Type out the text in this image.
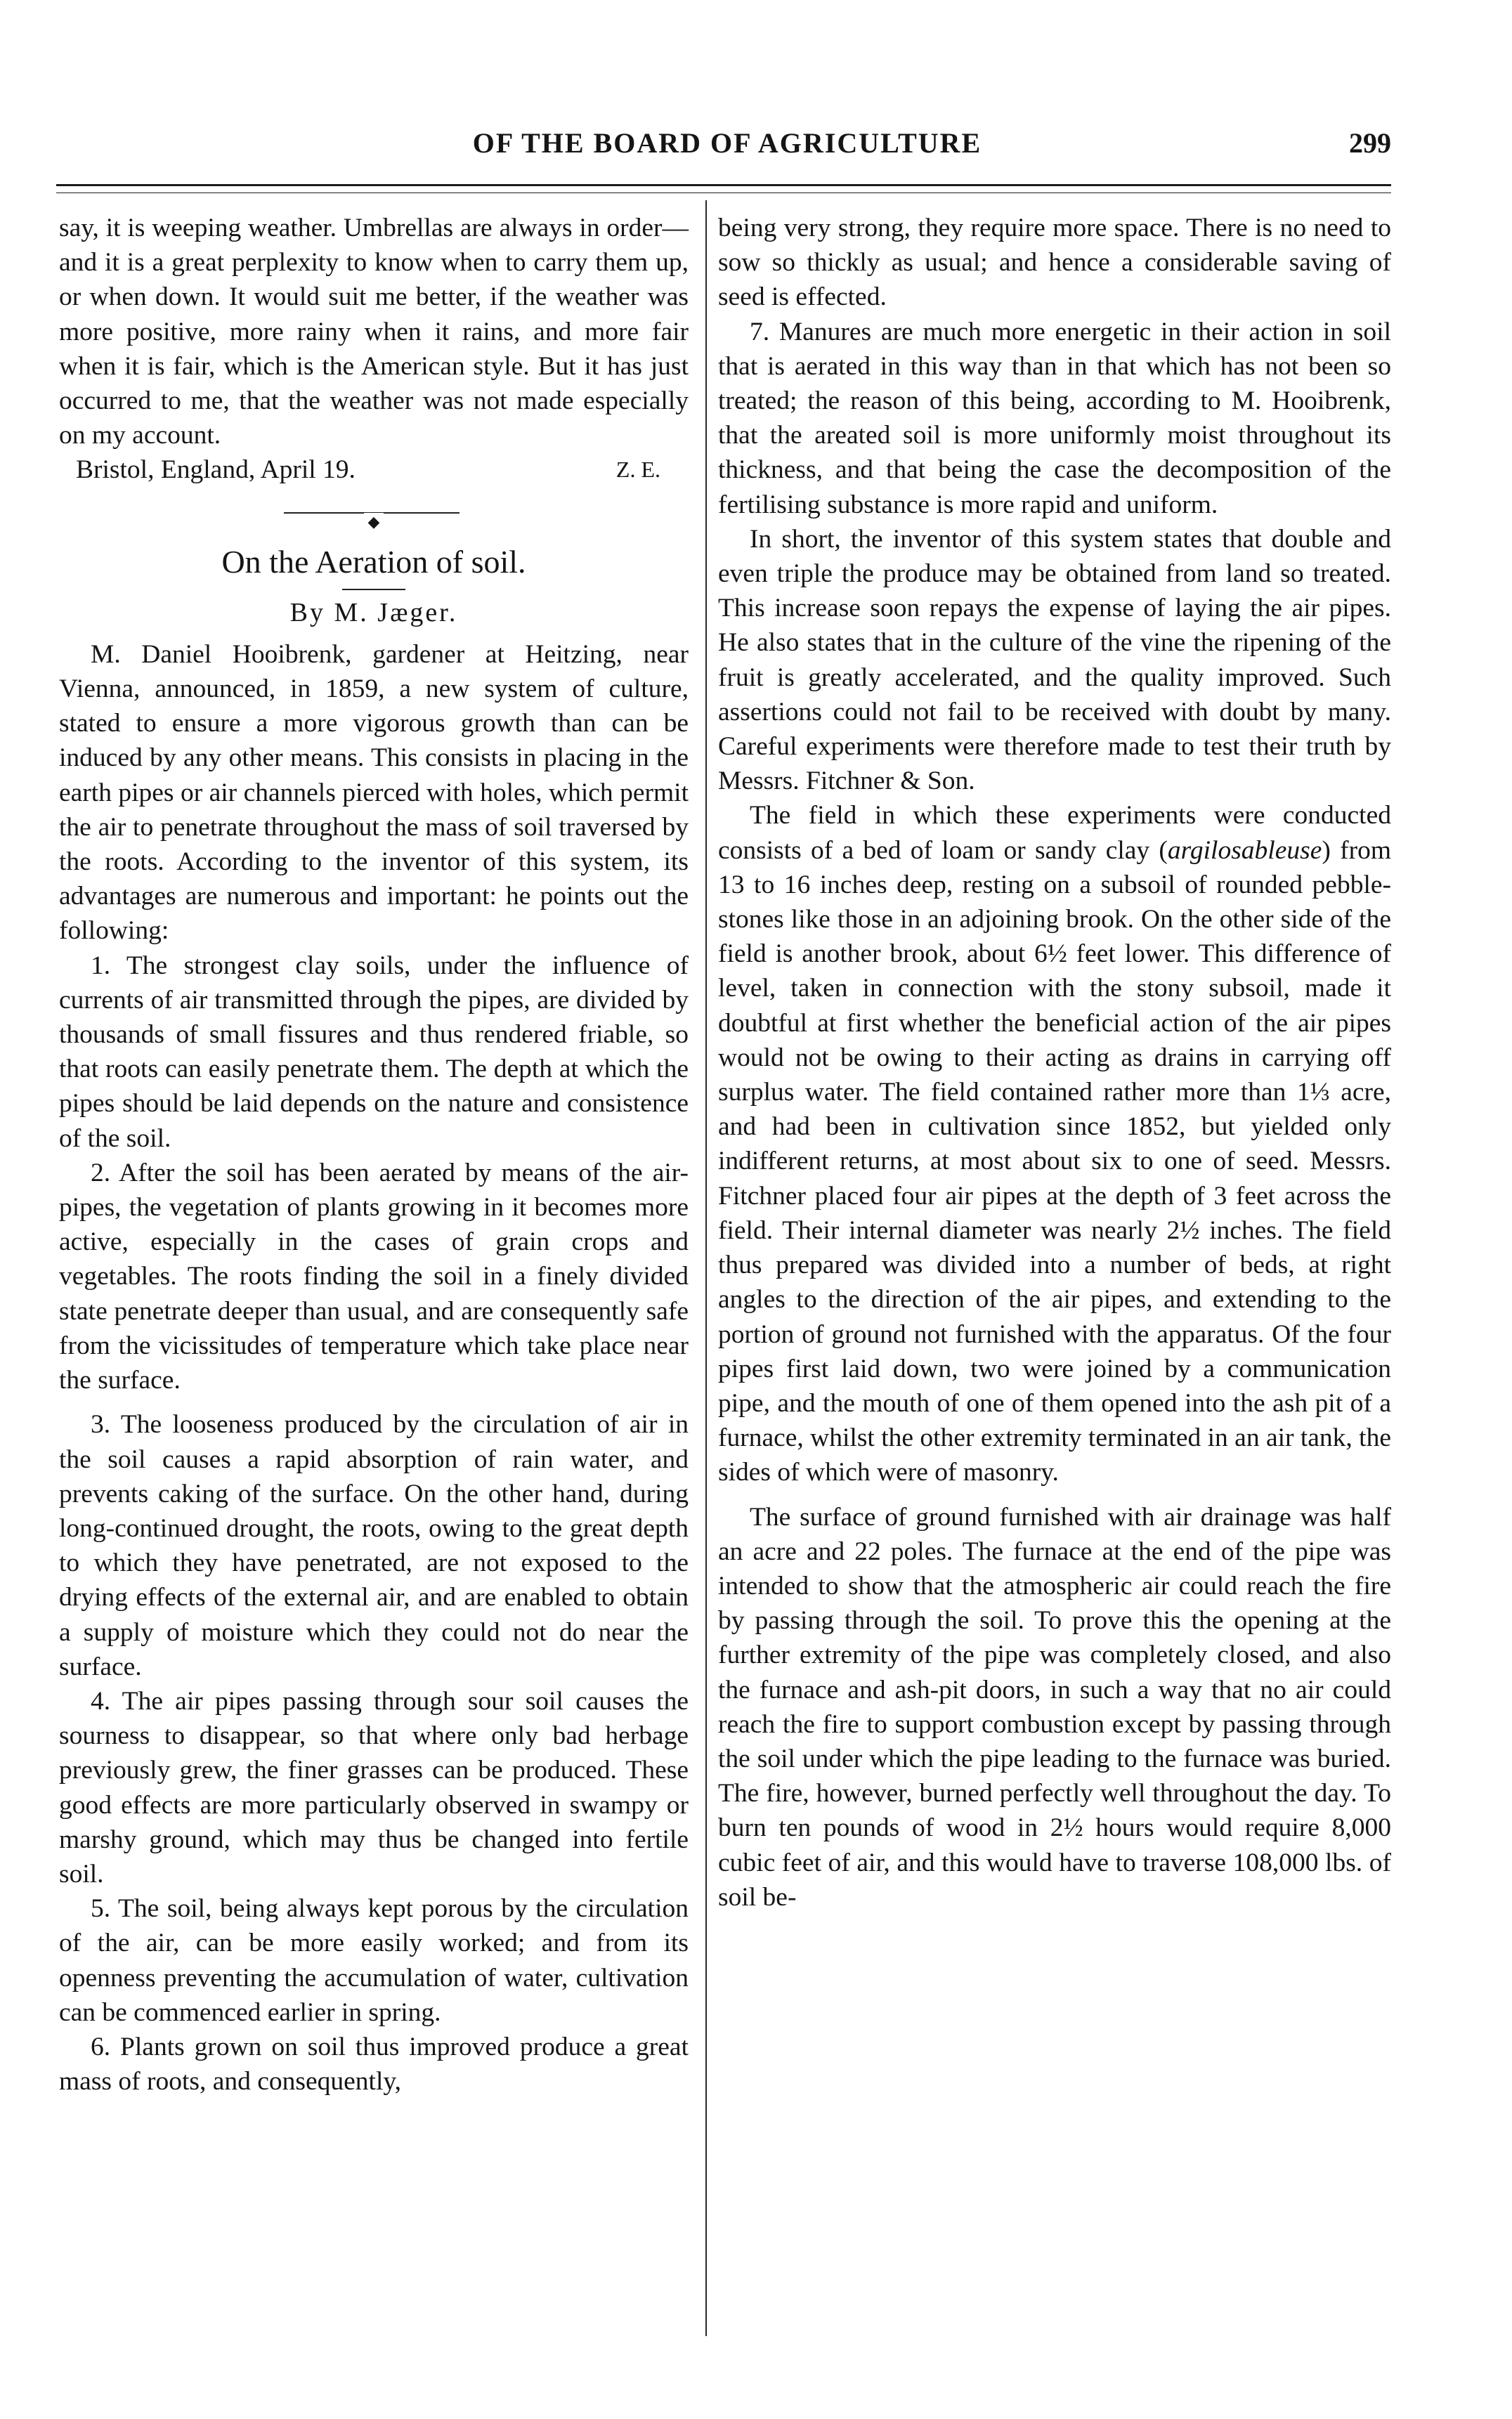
OF THE BOARD OF AGRICULTURE	299

say, it is weeping weather. Umbrellas are always in order—and it is a great perplexity to know when to carry them up, or when down. It would suit me better, if the weather was more positive, more rainy when it rains, and more fair when it is fair, which is the American style. But it has just occurred to me, that the weather was not made especially on my account.

Bristol, England, April 19.	Z. E.
◆
On the Aeration of soil.
By M. Jæger.

M. Daniel Hooibrenk, gardener at Heitzing, near Vienna, announced, in 1859, a new system of culture, stated to ensure a more vigorous growth than can be induced by any other means. This consists in placing in the earth pipes or air channels pierced with holes, which permit the air to penetrate throughout the mass of soil traversed by the roots. According to the inventor of this system, its advantages are numerous and important: he points out the following:

1. The strongest clay soils, under the influence of currents of air transmitted through the pipes, are divided by thousands of small fissures and thus rendered friable, so that roots can easily penetrate them. The depth at which the pipes should be laid depends on the nature and consistence of the soil.

2. After the soil has been aerated by means of the air-pipes, the vegetation of plants growing in it becomes more active, especially in the cases of grain crops and vegetables. The roots finding the soil in a finely divided state penetrate deeper than usual, and are consequently safe from the vicissitudes of temperature which take place near the surface.

3. The looseness produced by the circulation of air in the soil causes a rapid absorption of rain water, and prevents caking of the surface. On the other hand, during long-continued drought, the roots, owing to the great depth to which they have penetrated, are not exposed to the drying effects of the external air, and are enabled to obtain a supply of moisture which they could not do near the surface.

4. The air pipes passing through sour soil causes the sourness to disappear, so that where only bad herbage previously grew, the finer grasses can be produced. These good effects are more particularly observed in swampy or marshy ground, which may thus be changed into fertile soil.

5. The soil, being always kept porous by the circulation of the air, can be more easily worked; and from its openness preventing the accumulation of water, cultivation can be commenced earlier in spring.

6. Plants grown on soil thus improved produce a great mass of roots, and consequently,

being very strong, they require more space. There is no need to sow so thickly as usual; and hence a considerable saving of seed is effected.

7. Manures are much more energetic in their action in soil that is aerated in this way than in that which has not been so treated; the reason of this being, according to M. Hooibrenk, that the areated soil is more uniformly moist throughout its thickness, and that being the case the decomposition of the fertilising substance is more rapid and uniform.

In short, the inventor of this system states that double and even triple the produce may be obtained from land so treated. This increase soon repays the expense of laying the air pipes. He also states that in the culture of the vine the ripening of the fruit is greatly accelerated, and the quality improved. Such assertions could not fail to be received with doubt by many. Careful experiments were therefore made to test their truth by Messrs. Fitchner & Son.

The field in which these experiments were conducted consists of a bed of loam or sandy clay (argilosableuse) from 13 to 16 inches deep, resting on a subsoil of rounded pebble-stones like those in an adjoining brook. On the other side of the field is another brook, about 6½ feet lower. This difference of level, taken in connection with the stony subsoil, made it doubtful at first whether the beneficial action of the air pipes would not be owing to their acting as drains in carrying off surplus water. The field contained rather more than 1⅓ acre, and had been in cultivation since 1852, but yielded only indifferent returns, at most about six to one of seed. Messrs. Fitchner placed four air pipes at the depth of 3 feet across the field. Their internal diameter was nearly 2½ inches. The field thus prepared was divided into a number of beds, at right angles to the direction of the air pipes, and extending to the portion of ground not furnished with the apparatus. Of the four pipes first laid down, two were joined by a communication pipe, and the mouth of one of them opened into the ash pit of a furnace, whilst the other extremity terminated in an air tank, the sides of which were of masonry.

The surface of ground furnished with air drainage was half an acre and 22 poles. The furnace at the end of the pipe was intended to show that the atmospheric air could reach the fire by passing through the soil. To prove this the opening at the further extremity of the pipe was completely closed, and also the furnace and ash-pit doors, in such a way that no air could reach the fire to support combustion except by passing through the soil under which the pipe leading to the furnace was buried. The fire, however, burned perfectly well throughout the day. To burn ten pounds of wood in 2½ hours would require 8,000 cubic feet of air, and this would have to traverse 108,000 lbs. of soil be-
